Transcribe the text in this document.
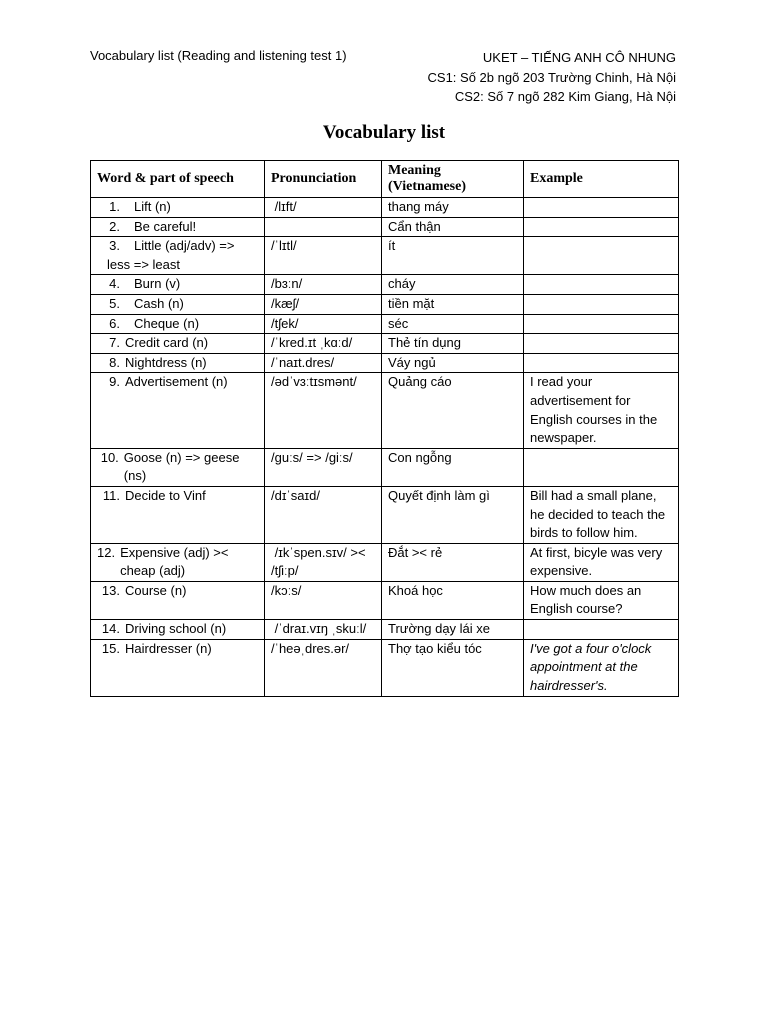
Vocabulary list (Reading and listening test 1)	UKET – TIẾNG ANH CÔ NHUNG
CS1: Số 2b ngõ 203 Trường Chinh, Hà Nội
CS2: Số 7 ngõ 282 Kim Giang, Hà Nội
Vocabulary list
Word & part of speech	Pronunciation	Meaning (Vietnamese)	Example
1. Lift (n)	/lɪft/	thang máy	
2. Be careful!		Cẩn thận	
3. Little (adj/adv) =>
less => least	/ˈlɪtl/	ít	
4. Burn (v)	/bɜːn/	cháy	
5. Cash (n)	/kæʃ/	tiền mặt	
6. Cheque (n)	/tʃek/	séc	
7. Credit card (n)	/ˈkred.ɪt ˌkɑːd/	Thẻ tín dụng	
8. Nightdress (n)	/ˈnaɪt.dres/	Váy ngủ	
9. Advertisement (n)	/ədˈvɜːtɪsmənt/	Quảng cáo	I read your advertisement for English courses in the newspaper.

10. Goose (n) => geese (ns)	/guːs/ => /giːs/	Con ngỗng	

11. Decide to Vinf	/dɪˈsaɪd/	Quyết định làm gì	Bill had a small plane, he decided to teach the birds to follow him.

12. Expensive (adj) >< cheap (adj)	/ɪkˈspen.sɪv/ >< /tʃiːp/	Đắt >< rẻ	At first, bicyle was very expensive.

13. Course (n)	/kɔːs/	Khoá học	How much does an English course?

14. Driving school (n)	/ˈdraɪ.vɪŋ ˌskuːl/	Trường dạy lái xe	

15. Hairdresser (n)	/ˈheəˌdres.ər/	Thợ tạo kiểu tóc	I've got a four o'clock appointment at the hairdresser's.
